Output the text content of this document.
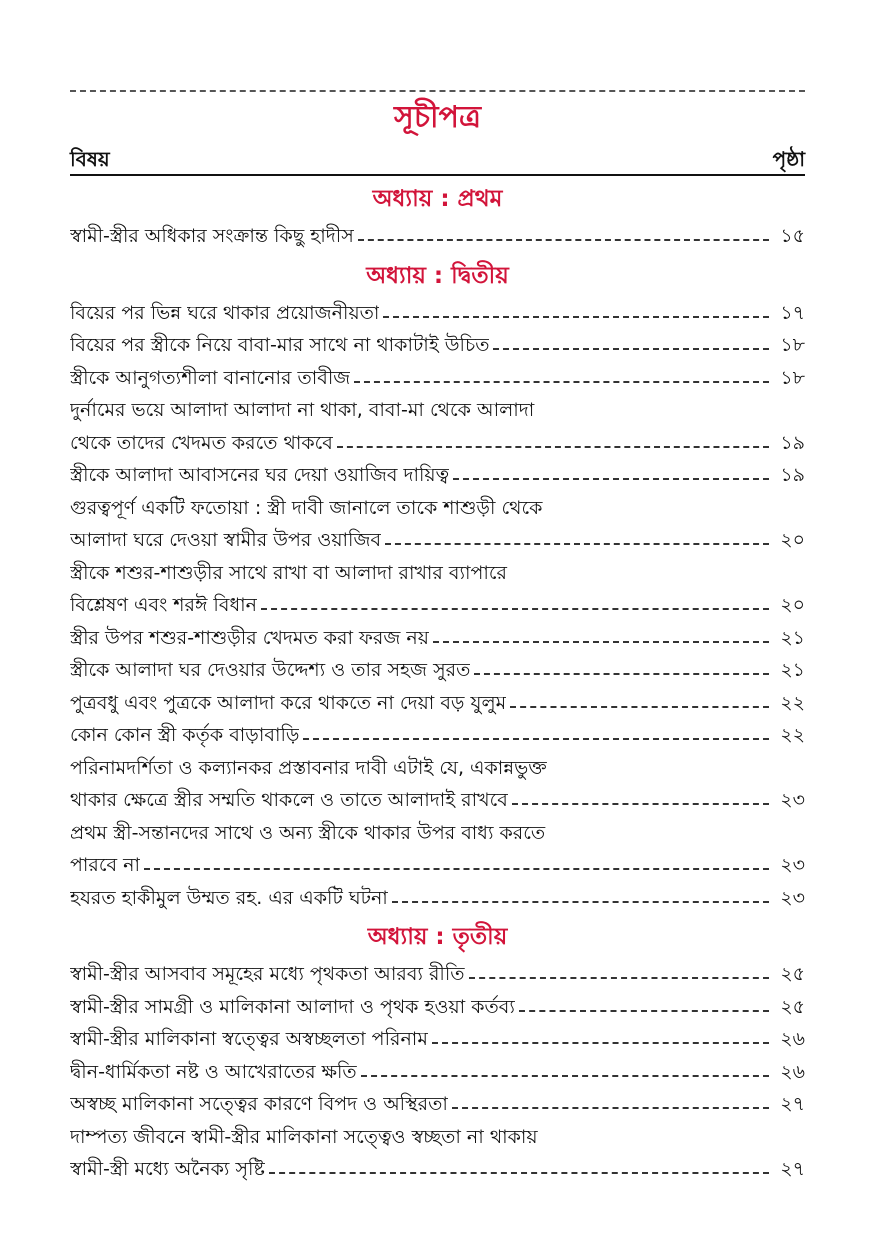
সূচীপত্র
বিষয়	পৃষ্ঠা
অধ্যায় : প্রথম
স্বামী-স্ত্রীর অধিকার সংক্রান্ত কিছু হাদীস	১৫
অধ্যায় : দ্বিতীয়
বিয়ের পর ভিন্ন ঘরে থাকার প্রয়োজনীয়তা	১৭
বিয়ের পর স্ত্রীকে নিয়ে বাবা-মার সাথে না থাকাটাই উচিত	১৮
স্ত্রীকে আনুগত্যশীলা বানানোর তাবীজ	১৮
দুর্নামের ভয়ে আলাদা আলাদা না থাকা, বাবা-মা থেকে আলাদা
থেকে তাদের খেদমত করতে থাকবে	১৯
স্ত্রীকে আলাদা আবাসনের ঘর দেয়া ওয়াজিব দায়িত্ব	১৯
গুরত্বপূর্ণ একটি ফতোয়া : স্ত্রী দাবী জানালে তাকে শাশুড়ী থেকে
আলাদা ঘরে দেওয়া স্বামীর উপর ওয়াজিব	২০
স্ত্রীকে শশুর-শাশুড়ীর সাথে রাখা বা আলাদা রাখার ব্যাপারে
বিশ্লেষণ এবং শরঈ বিধান	২০
স্ত্রীর উপর শশুর-শাশুড়ীর খেদমত করা ফরজ নয়	২১
স্ত্রীকে আলাদা ঘর দেওয়ার উদ্দেশ্য ও তার সহজ সুরত	২১
পুত্রবধু এবং পুত্রকে আলাদা করে থাকতে না দেয়া বড় যুলুম	২২
কোন কোন স্ত্রী কর্তৃক বাড়াবাড়ি	২২
পরিনামদর্শিতা ও কল্যানকর প্রস্তাবনার দাবী এটাই যে, একান্নভুক্ত
থাকার ক্ষেত্রে স্ত্রীর সম্মতি থাকলে ও তাতে আলাদাই রাখবে	২৩
প্রথম স্ত্রী-সন্তানদের সাথে ও অন্য স্ত্রীকে থাকার উপর বাধ্য করতে
পারবে না	২৩
হযরত হাকীমুল উম্মত রহ. এর একটি ঘটনা	২৩
অধ্যায় : তৃতীয়
স্বামী-স্ত্রীর আসবাব সমূহের মধ্যে পৃথকতা আরব্য রীতি	২৫
স্বামী-স্ত্রীর সামগ্রী ও মালিকানা আলাদা ও পৃথক হওয়া কর্তব্য	২৫
স্বামী-স্ত্রীর মালিকানা স্বত্ত্বের অস্বচ্ছলতা পরিনাম	২৬
দ্বীন-ধার্মিকতা নষ্ট ও আখেরাতের ক্ষতি	২৬
অস্বচ্ছ মালিকানা সত্ত্বের কারণে বিপদ ও অস্থিরতা	২৭
দাম্পত্য জীবনে স্বামী-স্ত্রীর মালিকানা সত্ত্বেও স্বচ্ছতা না থাকায়
স্বামী-স্ত্রী মধ্যে অনৈক্য সৃষ্টি	২৭
